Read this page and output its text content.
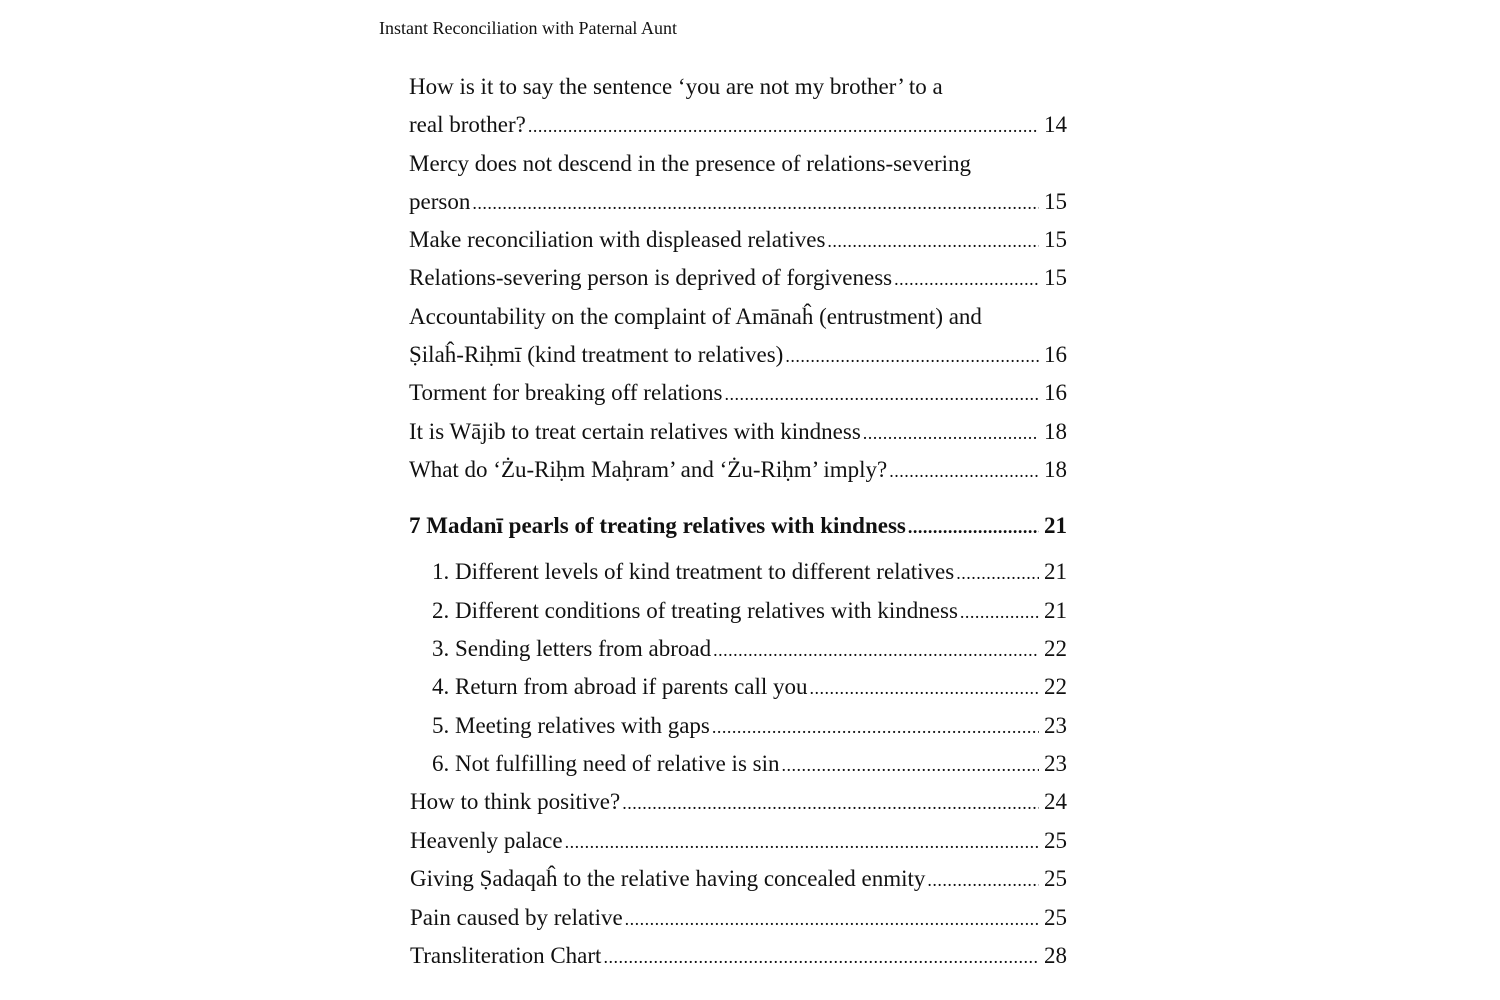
Instant Reconciliation with Paternal Aunt
How is it to say the sentence ‘you are not my brother’ to a
real brother? .....	14
Mercy does not descend in the presence of relations-severing
person .....	15
Make reconciliation with displeased relatives .....	15
Relations-severing person is deprived of forgiveness .....	15
Accountability on the complaint of Amānaĥ (entrustment) and
Ṣilaĥ-Riḥmī (kind treatment to relatives) .....	16
Torment for breaking off relations .....	16
It is Wājib to treat certain relatives with kindness .....	18
What do ‘Żu-Riḥm Maḥram’ and ‘Żu-Riḥm’ imply? .....	18
7 Madanī pearls of treating relatives with kindness .....	21
1. Different levels of kind treatment to different relatives .....	21
2. Different conditions of treating relatives with kindness .....	21
3. Sending letters from abroad .....	22
4. Return from abroad if parents call you .....	22
5. Meeting relatives with gaps .....	23
6. Not fulfilling need of relative is sin .....	23
How to think positive? .....	24
Heavenly palace .....	25
Giving Ṣadaqaĥ to the relative having concealed enmity .....	25
Pain caused by relative .....	25
Transliteration Chart .....	28
